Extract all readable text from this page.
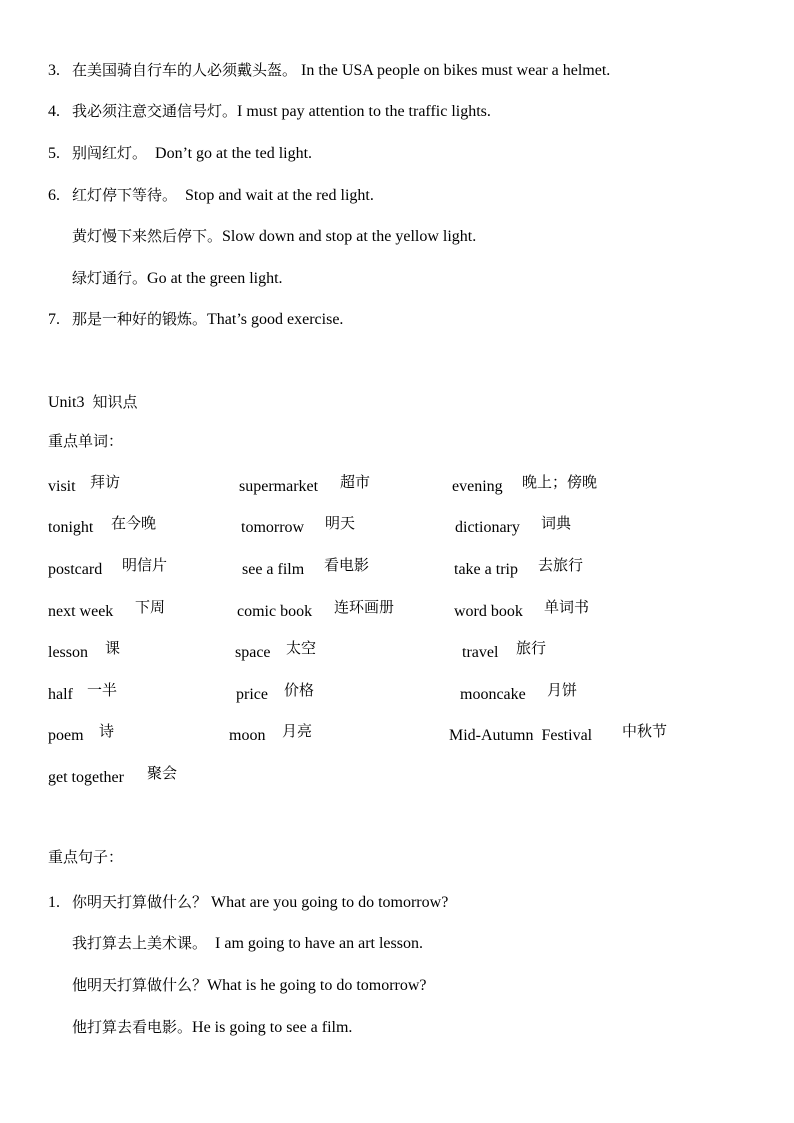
3. 在美国骑自行车的人必须戴头盔。 In the USA people on bikes must wear a helmet.
4. 我必须注意交通信号灯。I must pay attention to the traffic lights.
5. 别闯红灯。 Don’t go at the ted light.
6. 红灯停下等待。 Stop and wait at the red light.
黄灯慢下来然后停下。Slow down and stop at the yellow light.
绿灯通行。Go at the green light.
7. 那是一种好的锻炼。That’s good exercise.
Unit3 知识点
重点单词：
visit 拜访	supermarket 超市	evening 晚上；傍晚
tonight 在今晚	tomorrow 明天	dictionary 词典
postcard 明信片	see a film 看电影	take a trip 去旅行
next week 下周	comic book 连环画册	word book 单词书
lesson 课	space 太空	travel 旅行
half 一半	price 价格	mooncake 月饼
poem 诗	moon 月亮	Mid-Autumn  Festival 中秋节
get together 聚会
重点句子：
1. 你明天打算做什么？ What are you going to do tomorrow?
我打算去上美术课。 I am going to have an art lesson.
他明天打算做什么？What is he going to do tomorrow?
他打算去看电影。He is going to see a film.
